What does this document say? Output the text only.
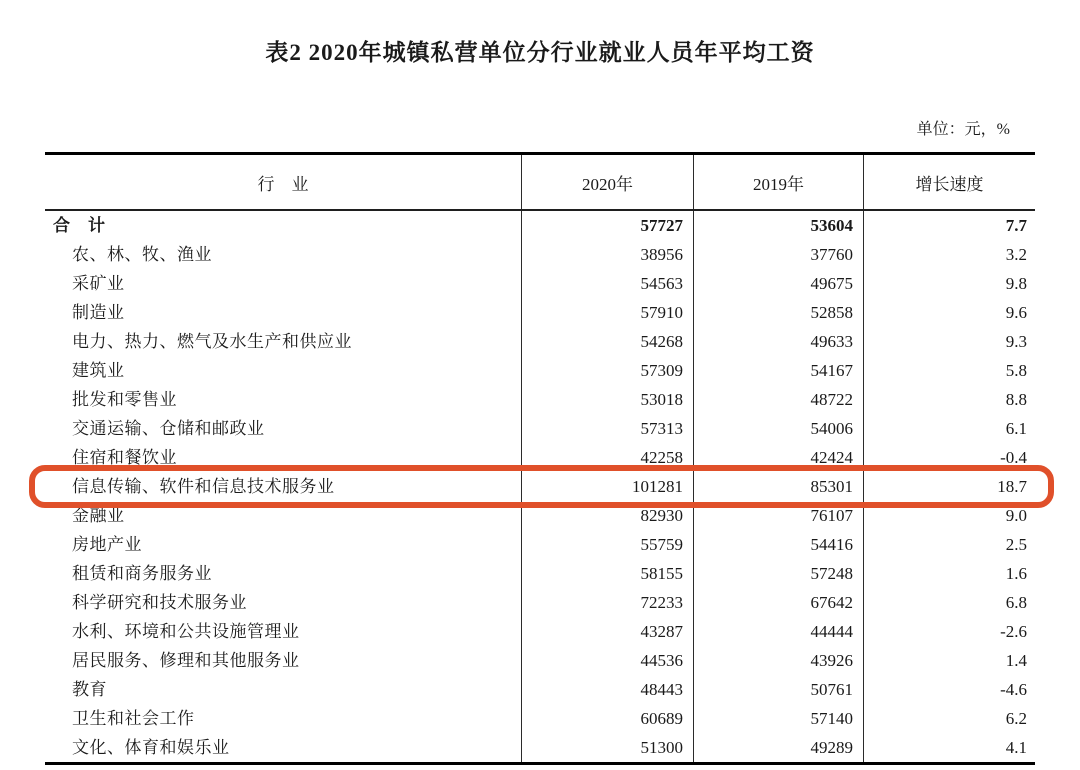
表2 2020年城镇私营单位分行业就业人员年平均工资
单位：元，%
行　业	2020年	2019年	增长速度
合　计	57727	53604	7.7
农、林、牧、渔业	38956	37760	3.2
采矿业	54563	49675	9.8
制造业	57910	52858	9.6
电力、热力、燃气及水生产和供应业	54268	49633	9.3
建筑业	57309	54167	5.8
批发和零售业	53018	48722	8.8
交通运输、仓储和邮政业	57313	54006	6.1
住宿和餐饮业	42258	42424	-0.4
信息传输、软件和信息技术服务业	101281	85301	18.7
金融业	82930	76107	9.0
房地产业	55759	54416	2.5
租赁和商务服务业	58155	57248	1.6
科学研究和技术服务业	72233	67642	6.8
水利、环境和公共设施管理业	43287	44444	-2.6
居民服务、修理和其他服务业	44536	43926	1.4
教育	48443	50761	-4.6
卫生和社会工作	60689	57140	6.2
文化、体育和娱乐业	51300	49289	4.1
